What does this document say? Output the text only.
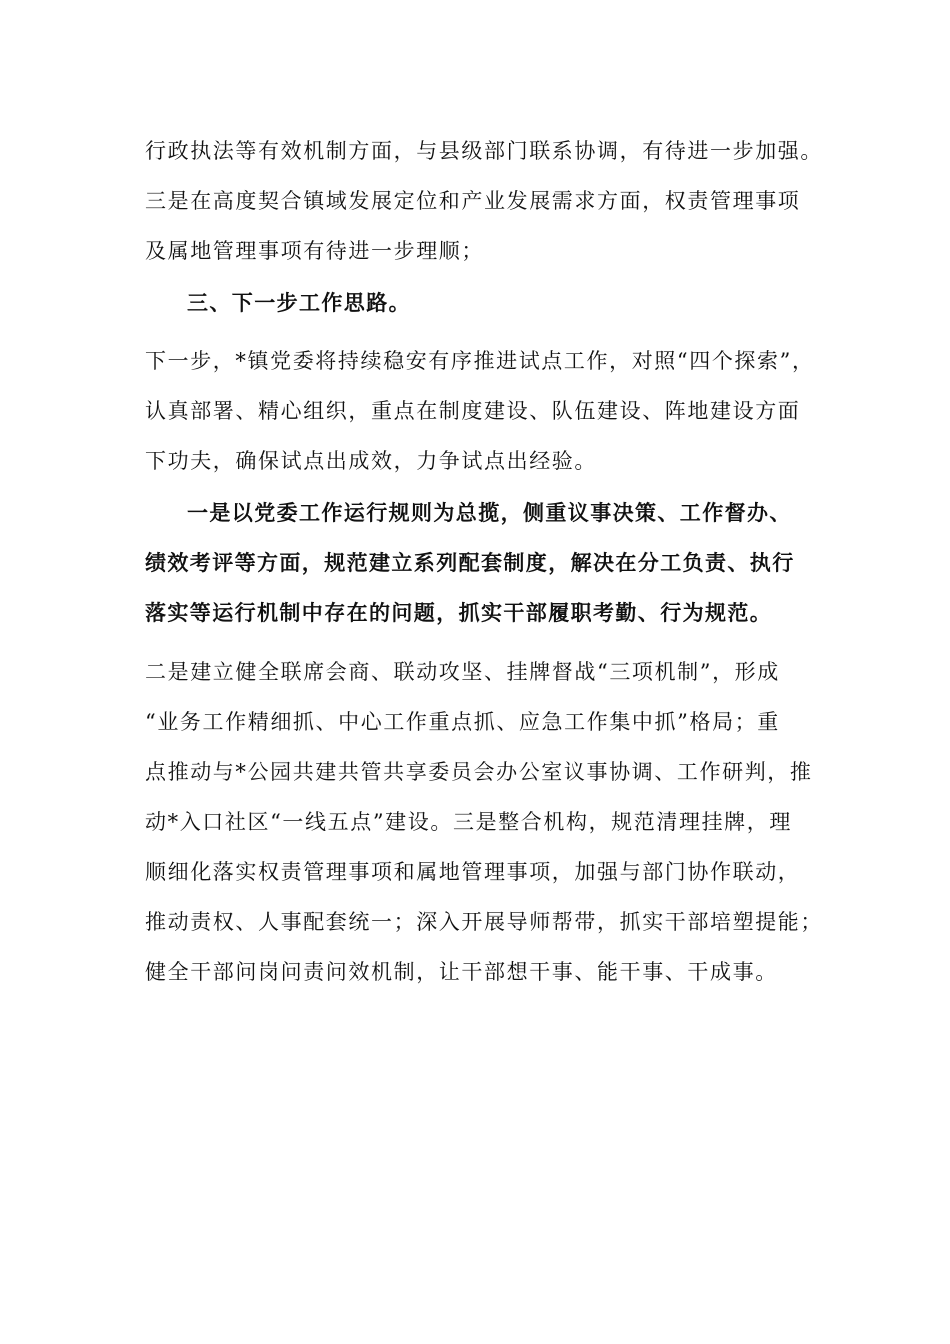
行政执法等有效机制方面，与县级部门联系协调，有待进一步加强。
三是在高度契合镇域发展定位和产业发展需求方面，权责管理事项
及属地管理事项有待进一步理顺；
三、下一步工作思路。
下一步，*镇党委将持续稳安有序推进试点工作，对照“四个探索”，
认真部署、精心组织，重点在制度建设、队伍建设、阵地建设方面
下功夫，确保试点出成效，力争试点出经验。
一是以党委工作运行规则为总揽，侧重议事决策、工作督办、
绩效考评等方面，规范建立系列配套制度，解决在分工负责、执行
落实等运行机制中存在的问题，抓实干部履职考勤、行为规范。
二是建立健全联席会商、联动攻坚、挂牌督战“三项机制”，形成
“业务工作精细抓、中心工作重点抓、应急工作集中抓”格局；重
点推动与*公园共建共管共享委员会办公室议事协调、工作研判，推
动*入口社区“一线五点”建设。三是整合机构，规范清理挂牌，理
顺细化落实权责管理事项和属地管理事项，加强与部门协作联动，
推动责权、人事配套统一；深入开展导师帮带，抓实干部培塑提能；
健全干部问岗问责问效机制，让干部想干事、能干事、干成事。
